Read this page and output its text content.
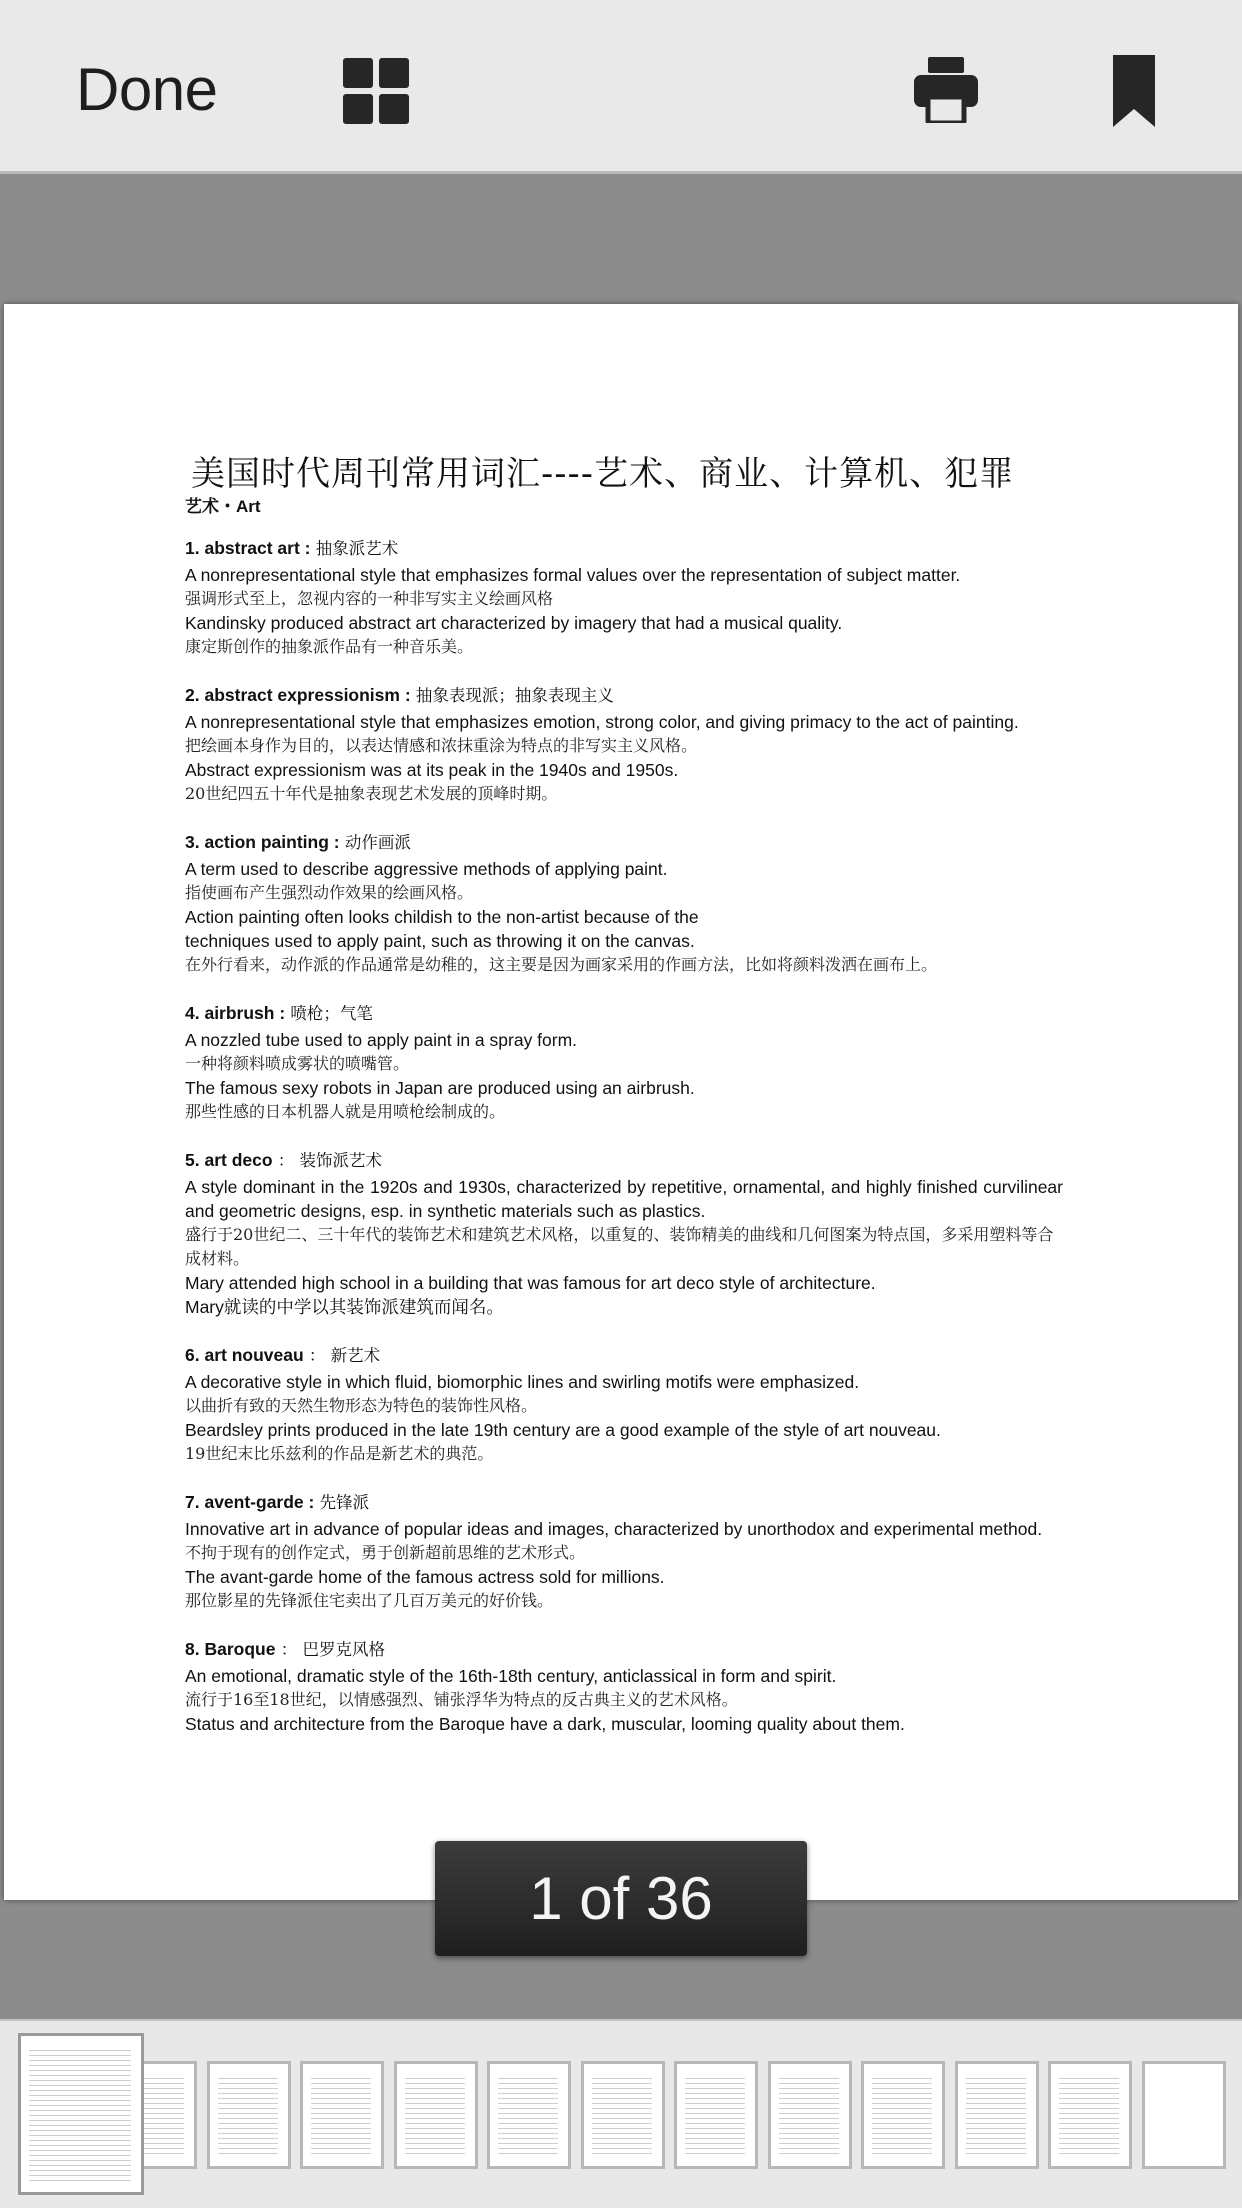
Done
美国时代周刊常用词汇----艺术、商业、计算机、犯罪
艺术・Art
1. abstract art : 抽象派艺术

A nonrepresentational style that emphasizes formal values over the representation of subject matter.

强调形式至上，忽视内容的一种非写实主义绘画风格

Kandinsky produced abstract art characterized by imagery that had a musical quality.

康定斯创作的抽象派作品有一种音乐美。

2. abstract expressionism : 抽象表现派；抽象表现主义

A nonrepresentational style that emphasizes emotion, strong color, and giving primacy to the act of painting.

把绘画本身作为目的，以表达情感和浓抹重涂为特点的非写实主义风格。

Abstract expressionism was at its peak in the 1940s and 1950s.

20世纪四五十年代是抽象表现艺术发展的顶峰时期。

3. action painting : 动作画派

A term used to describe aggressive methods of applying paint.

指使画布产生强烈动作效果的绘画风格。

Action painting often looks childish to the non-artist because of the

techniques used to apply paint, such as throwing it on the canvas.

在外行看来，动作派的作品通常是幼稚的，这主要是因为画家采用的作画方法，比如将颜料泼洒在画布上。

4. airbrush : 喷枪；气笔

A nozzled tube used to apply paint in a spray form.

一种将颜料喷成雾状的喷嘴管。

The famous sexy robots in Japan are produced using an airbrush.

那些性感的日本机器人就是用喷枪绘制成的。

5. art deco ： 装饰派艺术

A style dominant in the 1920s and 1930s, characterized by repetitive, ornamental, and highly finished curvilinear and geometric designs, esp. in synthetic materials such as plastics.

盛行于20世纪二、三十年代的装饰艺术和建筑艺术风格，以重复的、装饰精美的曲线和几何图案为特点国，多采用塑料等合成材料。

Mary attended high school in a building that was famous for art deco style of architecture.

Mary就读的中学以其装饰派建筑而闻名。

6. art nouveau ： 新艺术

A decorative style in which fluid, biomorphic lines and swirling motifs were emphasized.

以曲折有致的天然生物形态为特色的装饰性风格。

Beardsley prints produced in the late 19th century are a good example of the style of art nouveau.

19世纪末比乐兹利的作品是新艺术的典范。

7. avent-garde : 先锋派

Innovative art in advance of popular ideas and images, characterized by unorthodox and experimental method.

不拘于现有的创作定式，勇于创新超前思维的艺术形式。

The avant-garde home of the famous actress sold for millions.

那位影星的先锋派住宅卖出了几百万美元的好价钱。

8. Baroque ： 巴罗克风格

An emotional, dramatic style of the 16th-18th century, anticlassical in form and spirit.

流行于16至18世纪，以情感强烈、铺张浮华为特点的反古典主义的艺术风格。

Status and architecture from the Baroque have a dark, muscular, looming quality about them.

1 of 36
